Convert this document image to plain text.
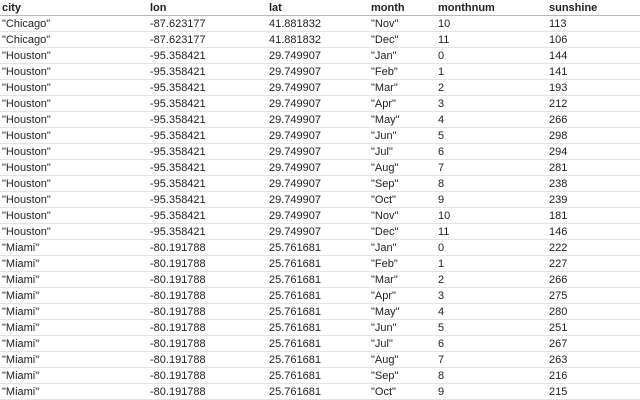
city	lon	lat	month	monthnum	sunshine
"Chicago"	-87.623177	41.881832	"Nov"	10	113
"Chicago"	-87.623177	41.881832	"Dec"	11	106
"Houston"	-95.358421	29.749907	"Jan"	0	144
"Houston"	-95.358421	29.749907	"Feb"	1	141
"Houston"	-95.358421	29.749907	"Mar"	2	193
"Houston"	-95.358421	29.749907	"Apr"	3	212
"Houston"	-95.358421	29.749907	"May"	4	266
"Houston"	-95.358421	29.749907	"Jun"	5	298
"Houston"	-95.358421	29.749907	"Jul"	6	294
"Houston"	-95.358421	29.749907	"Aug"	7	281
"Houston"	-95.358421	29.749907	"Sep"	8	238
"Houston"	-95.358421	29.749907	"Oct"	9	239
"Houston"	-95.358421	29.749907	"Nov"	10	181
"Houston"	-95.358421	29.749907	"Dec"	11	146
"Miami"	-80.191788	25.761681	"Jan"	0	222
"Miami"	-80.191788	25.761681	"Feb"	1	227
"Miami"	-80.191788	25.761681	"Mar"	2	266
"Miami"	-80.191788	25.761681	"Apr"	3	275
"Miami"	-80.191788	25.761681	"May"	4	280
"Miami"	-80.191788	25.761681	"Jun"	5	251
"Miami"	-80.191788	25.761681	"Jul"	6	267
"Miami"	-80.191788	25.761681	"Aug"	7	263
"Miami"	-80.191788	25.761681	"Sep"	8	216
"Miami"	-80.191788	25.761681	"Oct"	9	215
